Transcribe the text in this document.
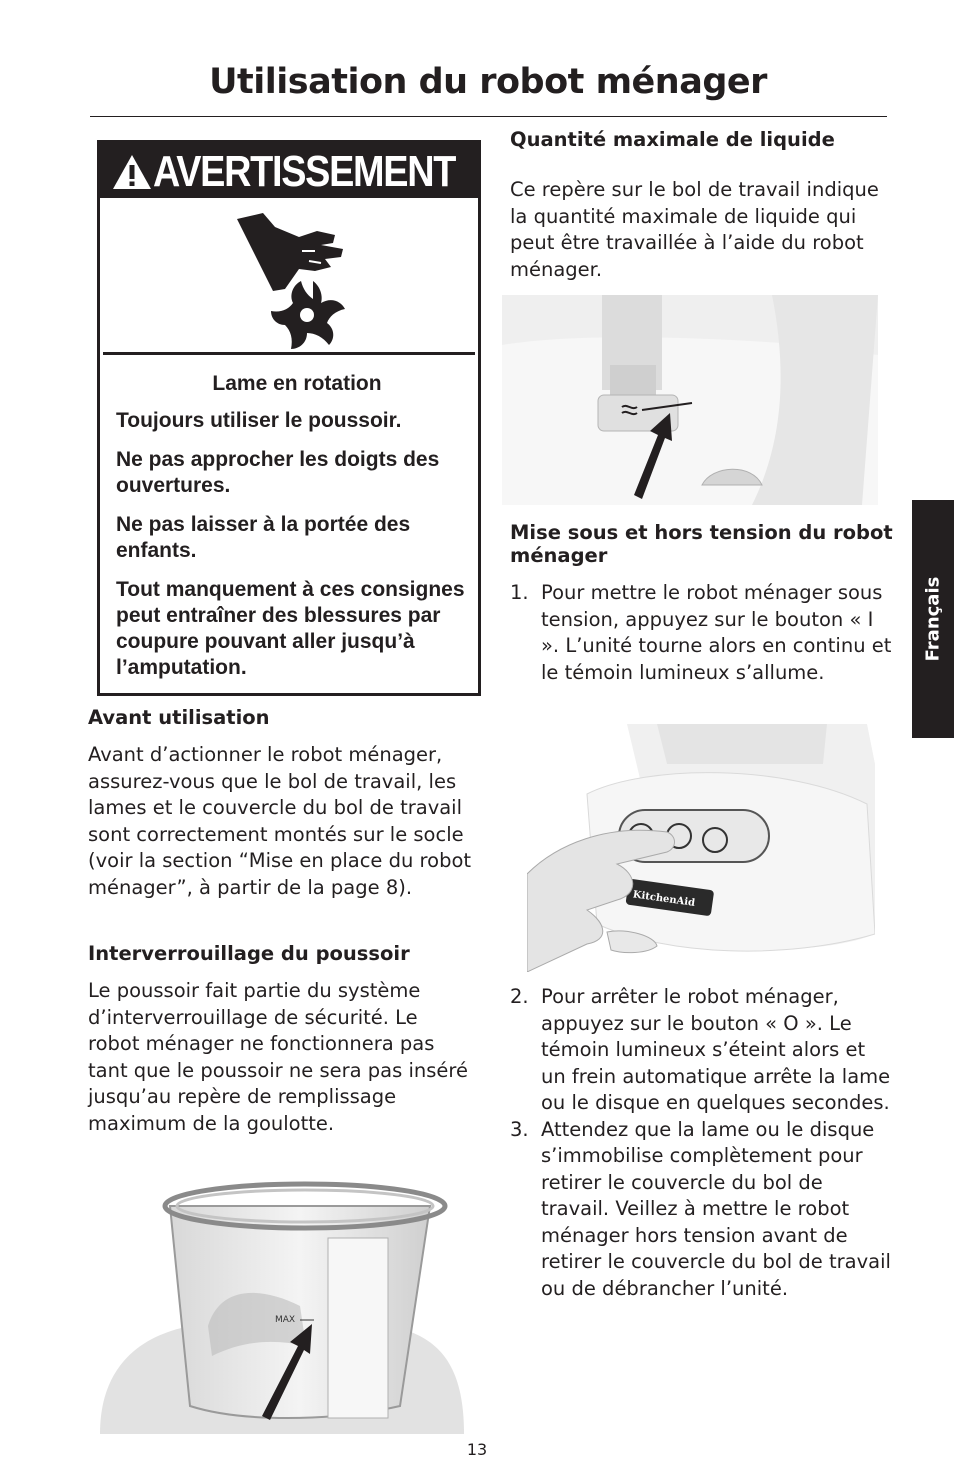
Utilisation du robot ménager
AVERTISSEMENT
Lame en rotation

Toujours utiliser le poussoir.

Ne pas approcher les doigts des ouvertures.

Ne pas laisser à la portée des enfants.

Tout manquement à ces consignes peut entraîner des blessures par coupure pouvant aller jusqu’à l’amputation.

Avant utilisation

Avant d’actionner le robot ménager, assurez-vous que le bol de travail, les lames et le couvercle du bol de travail sont correctement montés sur le socle (voir la section “Mise en place du robot ménager”, à partir de la page 8).

Interverrouillage du poussoir

Le poussoir fait partie du système d’interverrouillage de sécurité. Le robot ménager ne fonctionnera pas tant que le poussoir ne sera pas inséré jusqu’au repère de remplissage maximum de la goulotte.

MAX
Quantité maximale de liquide

Ce repère sur le bol de travail indique la quantité maximale de liquide qui peut être travaillée à l’aide du robot ménager.

Mise sous et hors tension du robot ménager
1. Pour mettre le robot ménager sous tension, appuyez sur le bouton « I ». L’unité tourne alors en continu et le témoin lumineux s’allume.
KitchenAid
2. Pour arrêter le robot ménager, appuyez sur le bouton « O ». Le témoin lumineux s’éteint alors et un frein automatique arrête la lame ou le disque en quelques secondes.
3. Attendez que la lame ou le disque s’immobilise complètement pour retirer le couvercle du bol de travail. Veillez à mettre le robot ménager hors tension avant de retirer le couvercle du bol de travail ou de débrancher l’unité.
Français
13
